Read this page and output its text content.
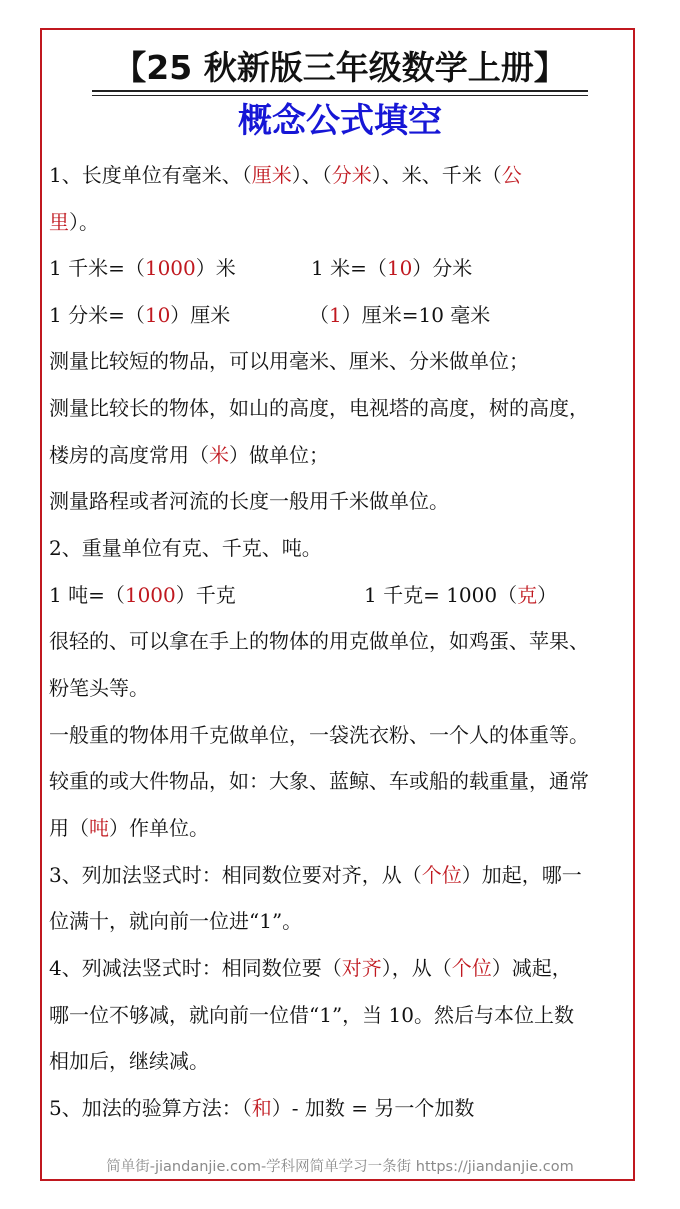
【25 秋新版三年级数学上册】
概念公式填空
1、长度单位有毫米、（厘米）、（分米）、米、千米（公
里）。
1 千米=（1000）米	1 米=（10）分米
1 分米=（10）厘米	（1）厘米=10 毫米
测量比较短的物品，可以用毫米、厘米、分米做单位；
测量比较长的物体，如山的高度，电视塔的高度，树的高度，
楼房的高度常用（米）做单位；
测量路程或者河流的长度一般用千米做单位。
2、重量单位有克、千克、吨。
1 吨=（1000）千克	1 千克= 1000（克）
很轻的、可以拿在手上的物体的用克做单位，如鸡蛋、苹果、
粉笔头等。
一般重的物体用千克做单位，一袋洗衣粉、一个人的体重等。
较重的或大件物品，如：大象、蓝鲸、车或船的载重量，通常
用（吨）作单位。
3、列加法竖式时：相同数位要对齐，从（个位）加起，哪一
位满十，就向前一位进“1”。
4、列减法竖式时：相同数位要（对齐），从（个位）减起，
哪一位不够减，就向前一位借“1”，当 10。然后与本位上数
相加后，继续减。
5、加法的验算方法：（和）- 加数 = 另一个加数
简单街-jiandanjie.com-学科网简单学习一条街 https://jiandanjie.com
